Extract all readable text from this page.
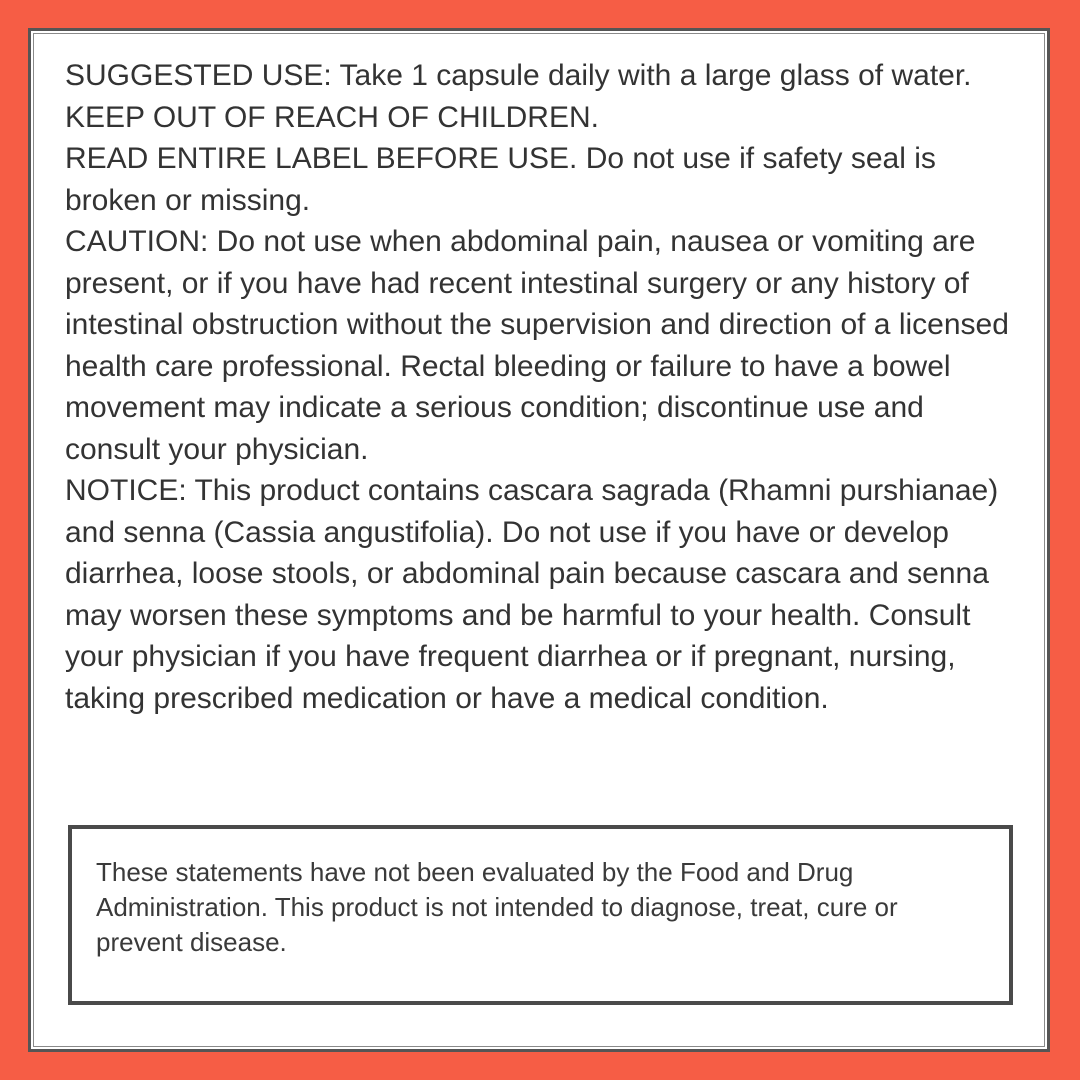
SUGGESTED USE: Take 1 capsule daily with a large glass of water.

KEEP OUT OF REACH OF CHILDREN.

READ ENTIRE LABEL BEFORE USE. Do not use if safety seal is broken or missing.

CAUTION: Do not use when abdominal pain, nausea or vomiting are present, or if you have had recent intestinal surgery or any history of intestinal obstruction without the supervision and direction of a licensed health care professional. Rectal bleeding or failure to have a bowel movement may indicate a serious condition; discontinue use and consult your physician.

NOTICE: This product contains cascara sagrada (Rhamni purshianae) and senna (Cassia angustifolia). Do not use if you have or develop diarrhea, loose stools, or abdominal pain because cascara and senna may worsen these symptoms and be harmful to your health. Consult your physician if you have frequent diarrhea or if pregnant, nursing, taking prescribed medication or have a medical condition.

These statements have not been evaluated by the Food and Drug Administration. This product is not intended to diagnose, treat, cure or prevent disease.
